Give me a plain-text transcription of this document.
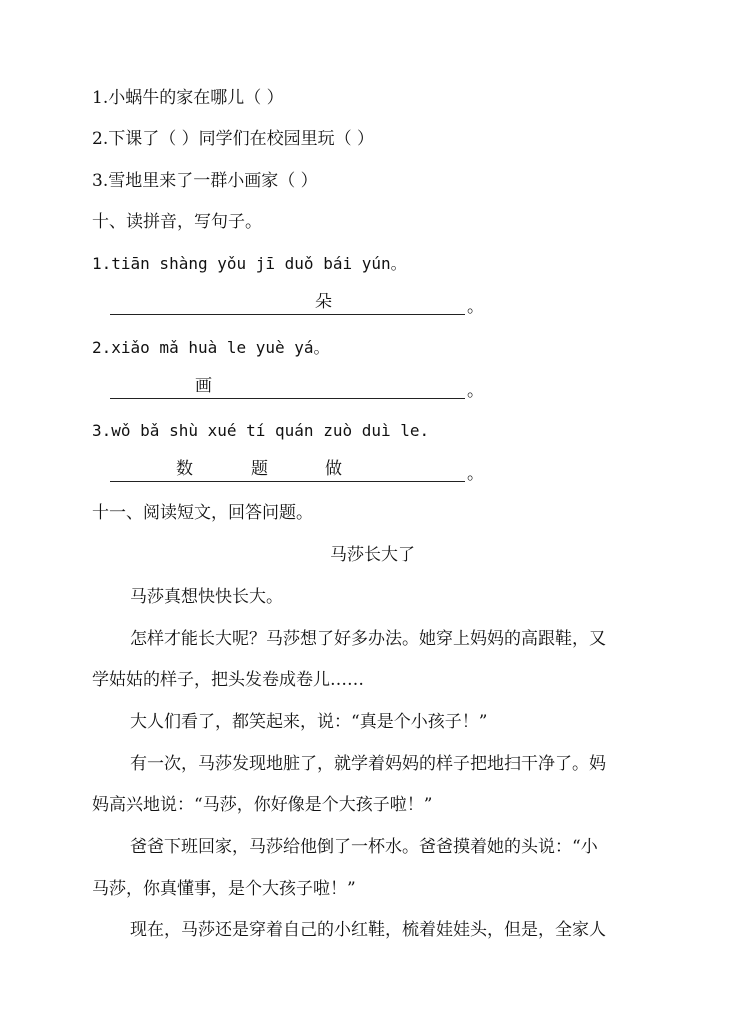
1.小蜗牛的家在哪儿（ ）
2.下课了（ ）同学们在校园里玩（ ）
3.雪地里来了一群小画家（ ）
十、读拼音，写句子。
1.tiān shàng yǒu jī duǒ bái yún。
朵	。
2.xiǎo mǎ huà le yuè yá。
画	。
3.wǒ bǎ shù xué tí quán zuò duì le.
数	题	做	。
十一、阅读短文，回答问题。
马莎长大了
马莎真想快快长大。
怎样才能长大呢？马莎想了好多办法。她穿上妈妈的高跟鞋，又
学姑姑的样子，把头发卷成卷儿……
大人们看了，都笑起来，说：“真是个小孩子！”
有一次，马莎发现地脏了，就学着妈妈的样子把地扫干净了。妈
妈高兴地说：“马莎，你好像是个大孩子啦！”
爸爸下班回家，马莎给他倒了一杯水。爸爸摸着她的头说：“小
马莎，你真懂事，是个大孩子啦！”
现在，马莎还是穿着自己的小红鞋，梳着娃娃头，但是，全家人
